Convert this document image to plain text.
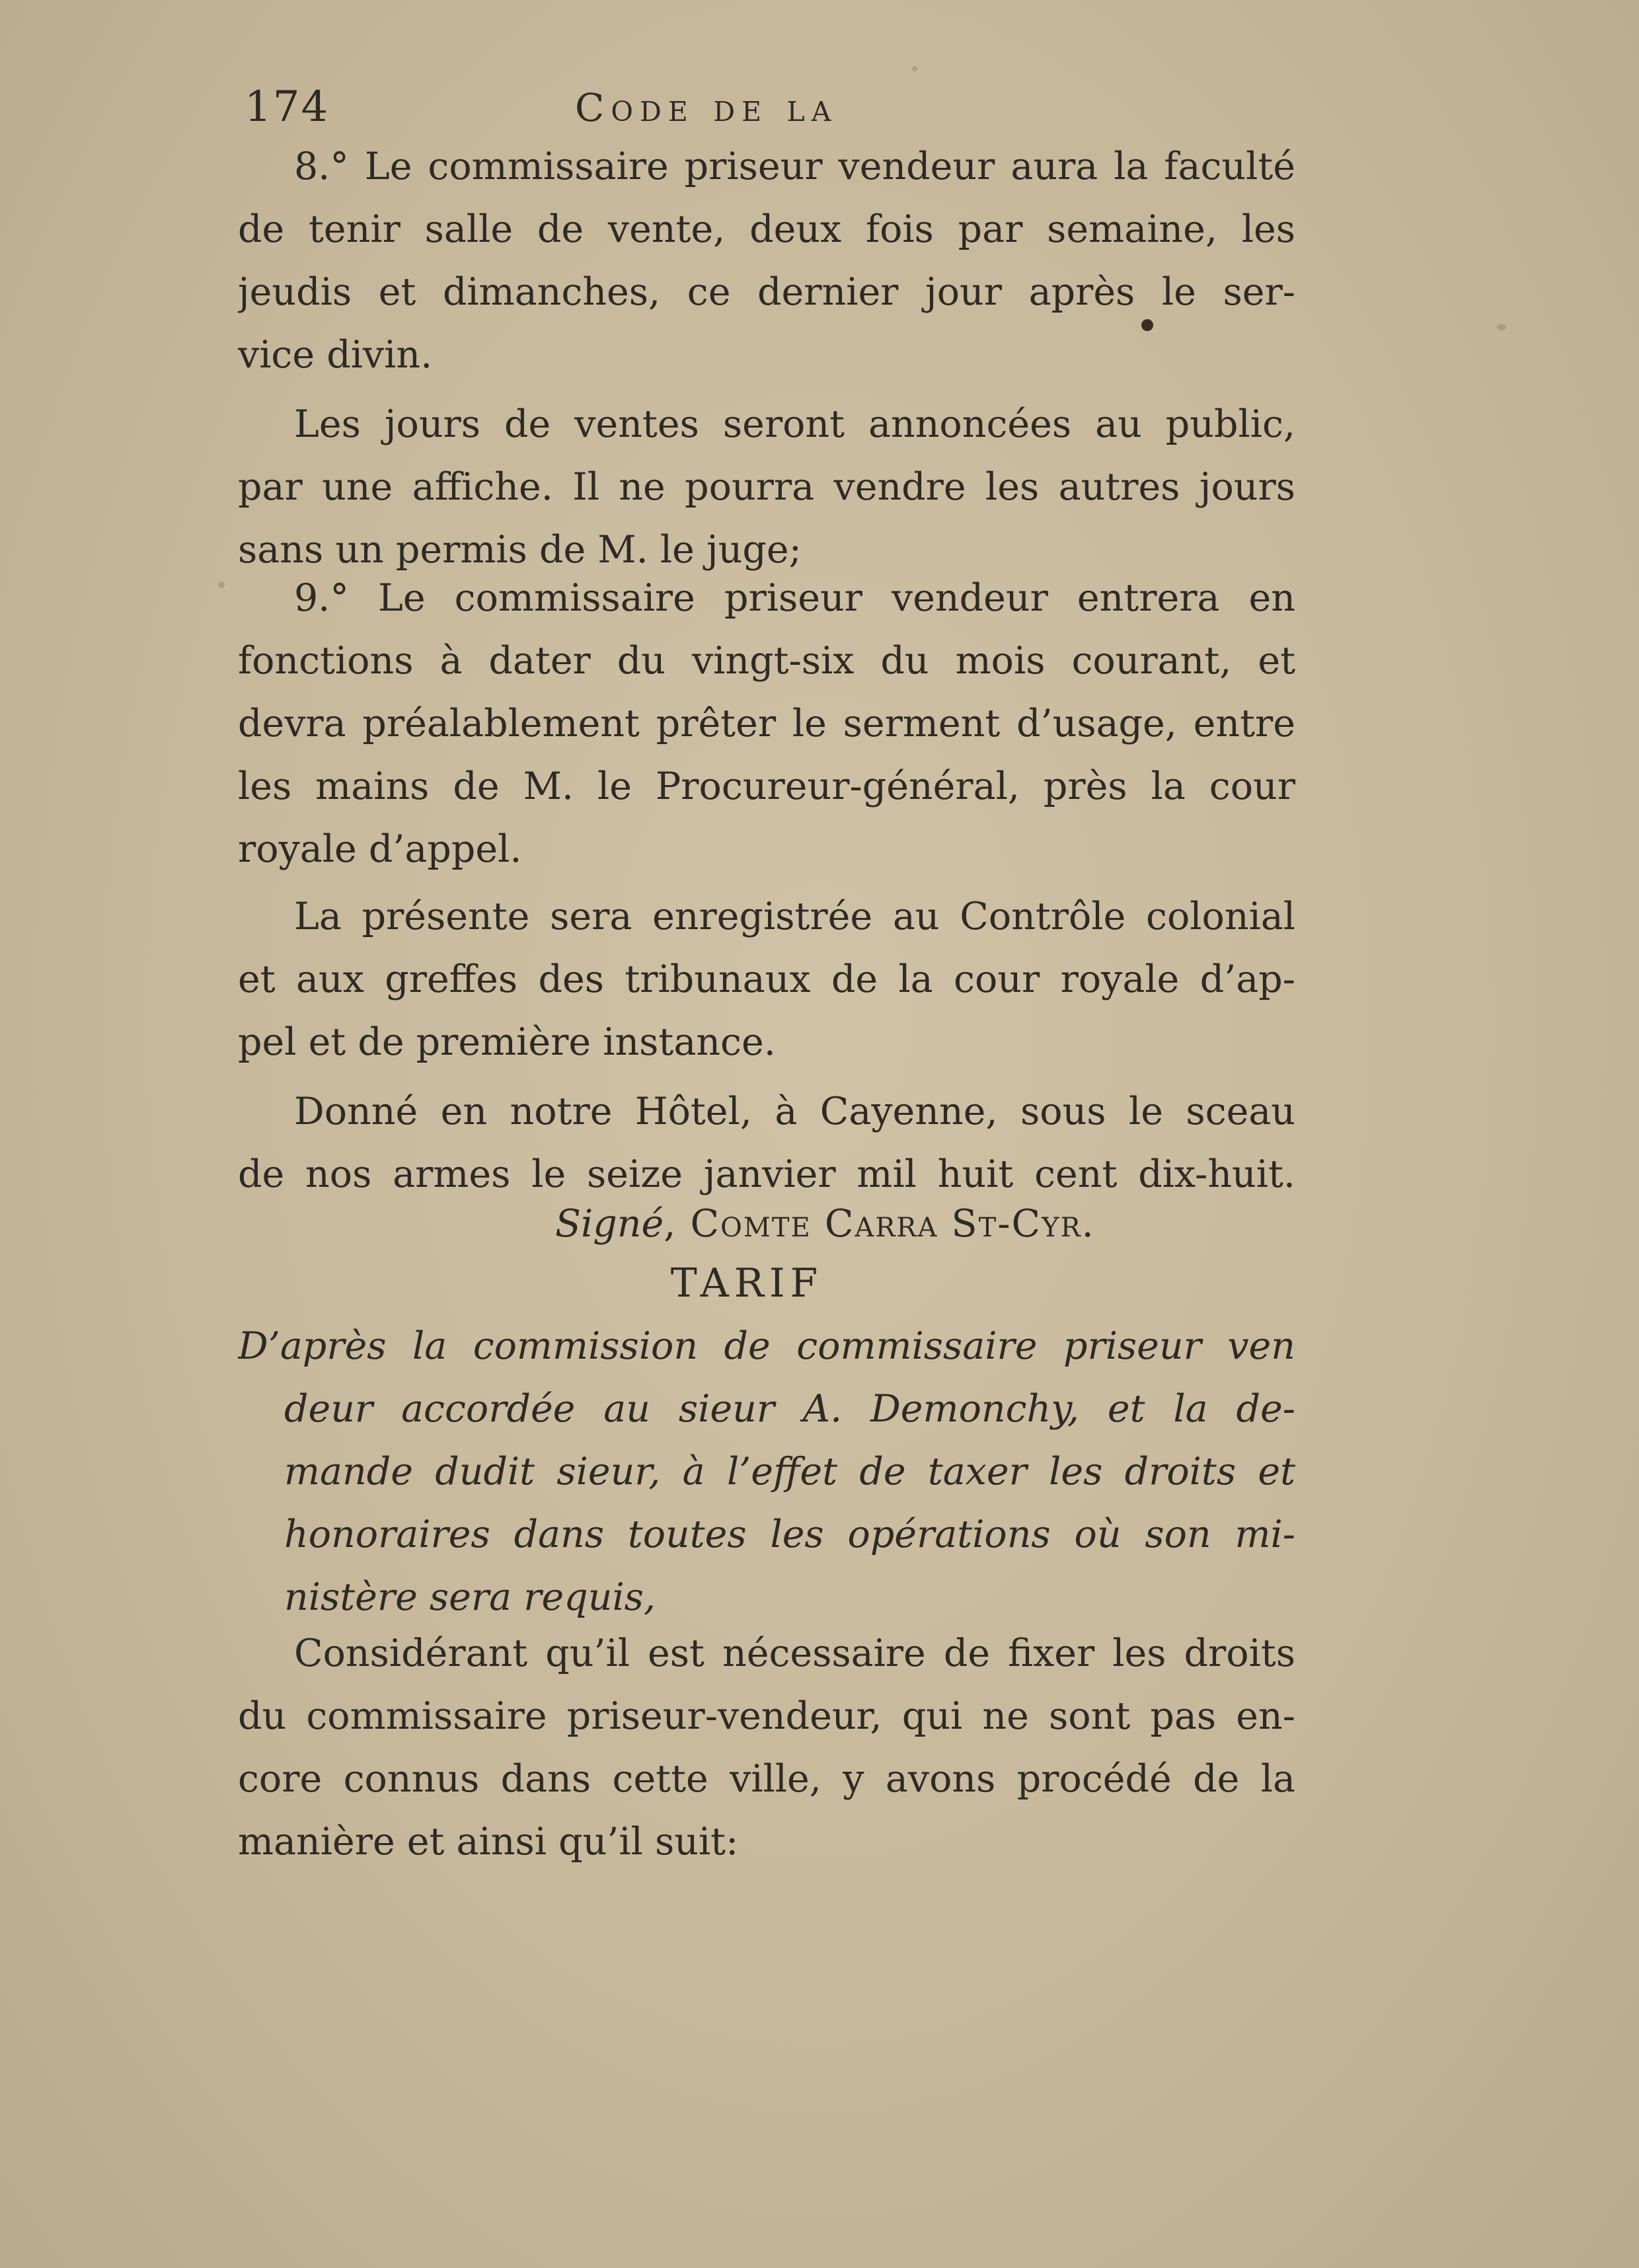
174	Code de la
8.° Le commissaire priseur vendeur aura la faculté
de tenir salle de vente, deux fois par semaine, les
jeudis et dimanches, ce dernier jour après le ser-
vice divin.
Les jours de ventes seront annoncées au public,
par une affiche. Il ne pourra vendre les autres jours
sans un permis de M. le juge;
9.° Le commissaire priseur vendeur entrera en
fonctions à dater du vingt-six du mois courant, et
devra préalablement prêter le serment d’usage, entre
les mains de M. le Procureur-général, près la cour
royale d’appel.
La présente sera enregistrée au Contrôle colonial
et aux greffes des tribunaux de la cour royale d’ap-
pel et de première instance.
Donné en notre Hôtel, à Cayenne, sous le sceau
de nos armes le seize janvier mil huit cent dix-huit.
Signé, Comte Carra St-Cyr.
TARIF
D’après la commission de commissaire priseur ven
deur accordée au sieur A. Demonchy, et la de-
mande dudit sieur, à l’effet de taxer les droits et
honoraires dans toutes les opérations où son mi-
nistère sera requis,
Considérant qu’il est nécessaire de fixer les droits
du commissaire priseur-vendeur, qui ne sont pas en-
core connus dans cette ville, y avons procédé de la
manière et ainsi qu’il suit:
